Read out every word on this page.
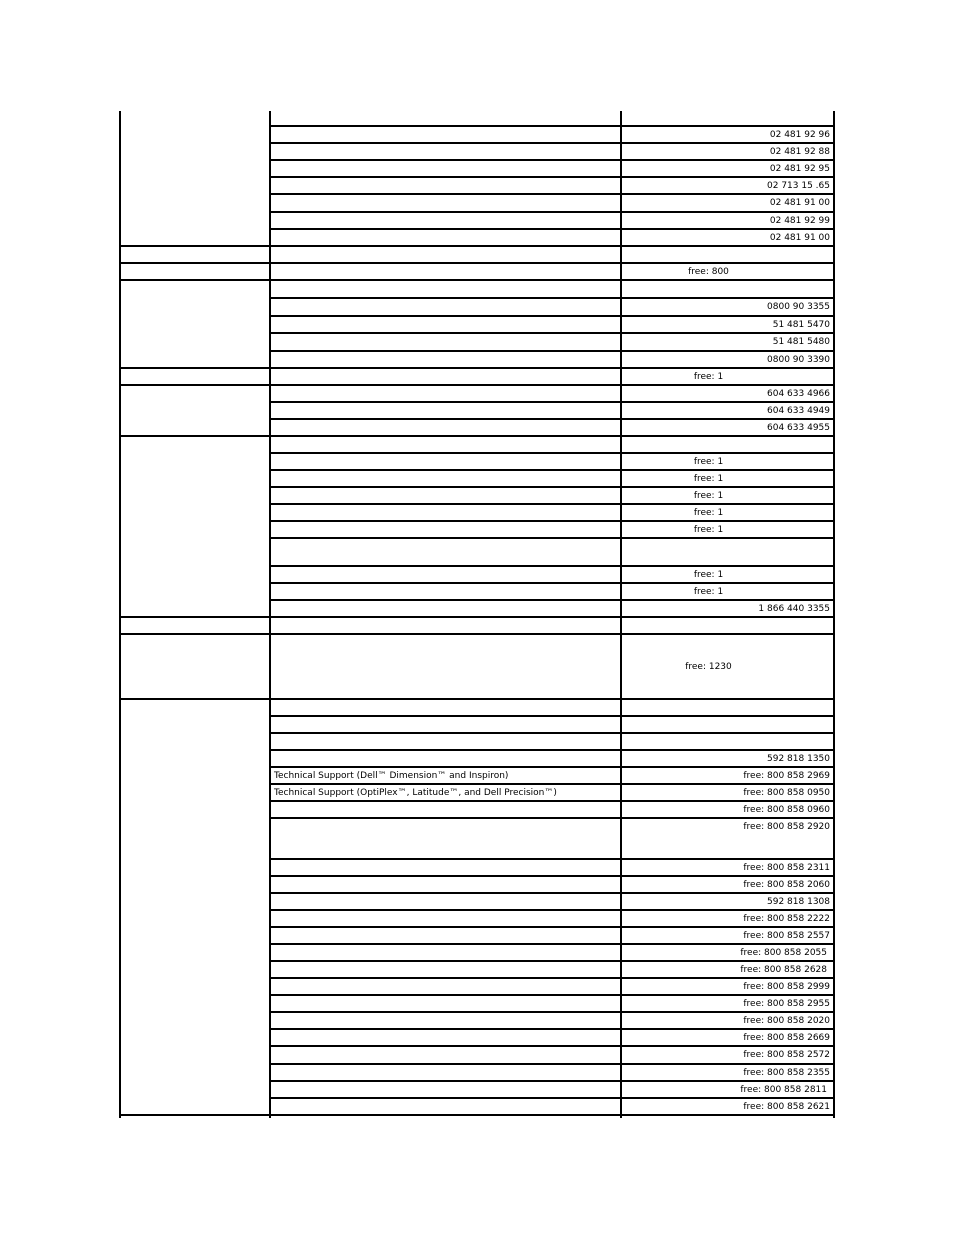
02 481 92 96
02 481 92 88
02 481 92 95
02 713 15 .65
02 481 91 00
02 481 92 99
02 481 91 00
free: 800
0800 90 3355
51 481 5470
51 481 5480
0800 90 3390
free: 1
604 633 4966
604 633 4949
604 633 4955
free: 1
free: 1
free: 1
free: 1
free: 1
free: 1
free: 1
1 866 440 3355
free: 1230
592 818 1350
Technical Support (Dell™ Dimension™ and Inspiron)	free: 800 858 2969
Technical Support (OptiPlex™, Latitude™, and Dell Precision™)	free: 800 858 0950
free: 800 858 0960
free: 800 858 2920
free: 800 858 2311
free: 800 858 2060
592 818 1308
free: 800 858 2222
free: 800 858 2557
free: 800 858 2055
free: 800 858 2628
free: 800 858 2999
free: 800 858 2955
free: 800 858 2020
free: 800 858 2669
free: 800 858 2572
free: 800 858 2355
free: 800 858 2811
free: 800 858 2621
